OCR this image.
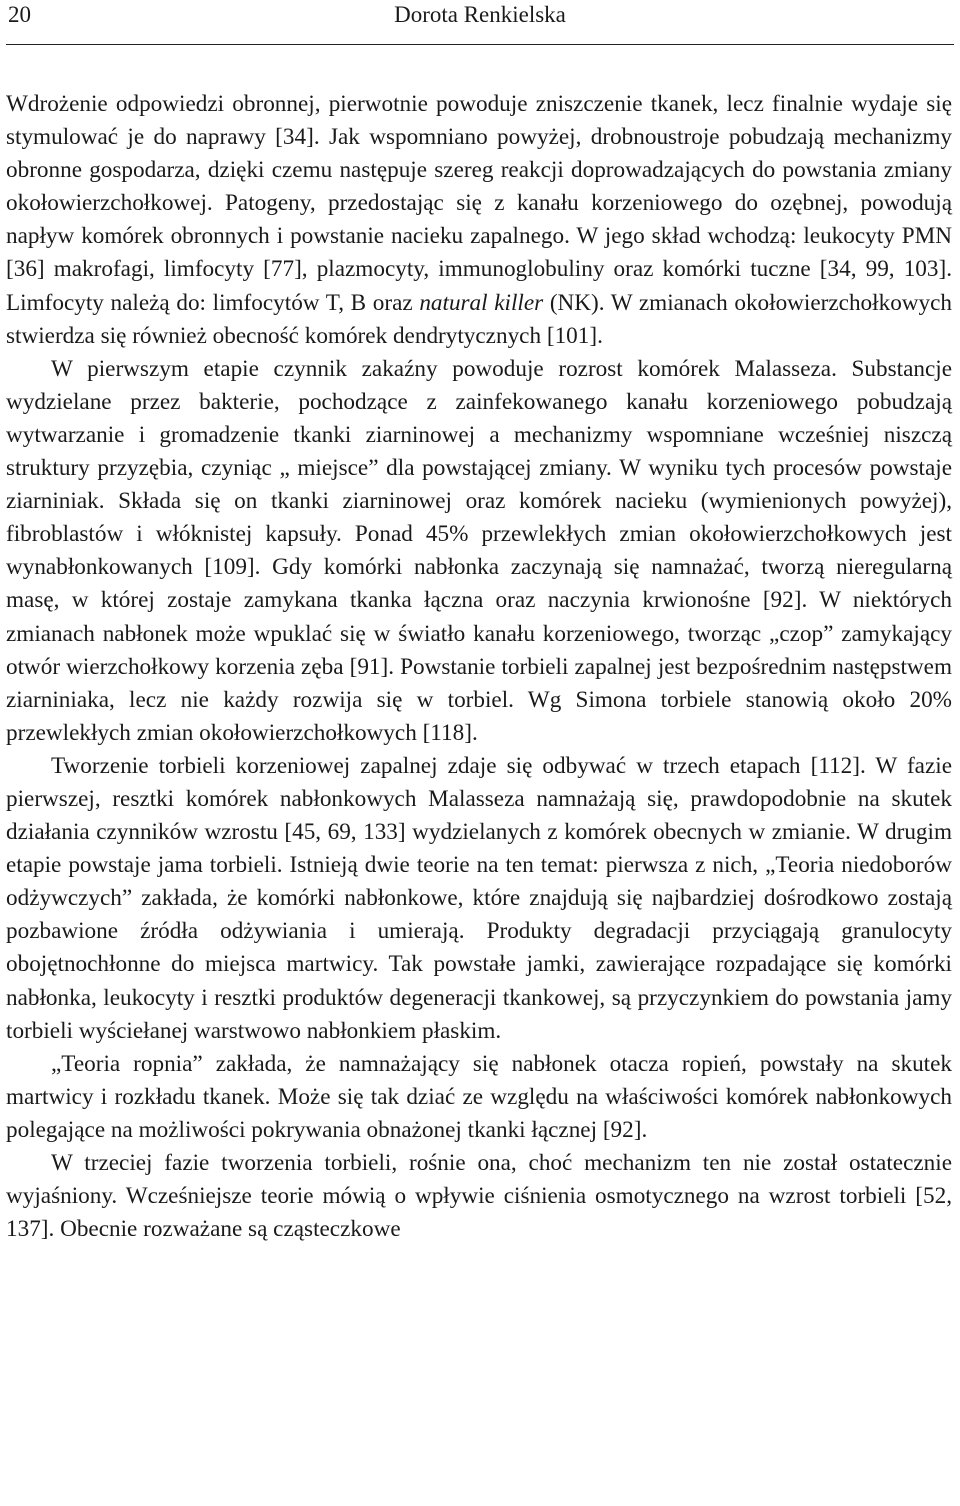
20	Dorota Renkielska

Wdrożenie odpowiedzi obronnej, pierwotnie powoduje zniszczenie tkanek, lecz finalnie wydaje się stymulować je do naprawy [34]. Jak wspomniano powyżej, drobnoustroje pobudzają mechanizmy obronne gospodarza, dzięki czemu następuje szereg reakcji doprowadzających do powstania zmiany okołowierzchołkowej. Patogeny, przedostając się z kanału korzeniowego do ozębnej, powodują napływ komórek obronnych i powstanie nacieku zapalnego. W jego skład wchodzą: leukocyty PMN [36] makrofagi, limfocyty [77], plazmocyty, immunoglobuliny oraz komórki tuczne [34, 99, 103]. Limfocyty należą do: limfocytów T, B oraz natural killer (NK). W zmianach okołowierzchołkowych stwierdza się również obecność komórek dendrytycznych [101].

W pierwszym etapie czynnik zakaźny powoduje rozrost komórek Malasseza. Substancje wydzielane przez bakterie, pochodzące z zainfekowanego kanału korzeniowego pobudzają wytwarzanie i gromadzenie tkanki ziarninowej a mechanizmy wspomniane wcześniej niszczą struktury przyzębia, czyniąc „ miejsce” dla powstającej zmiany. W wyniku tych procesów powstaje ziarniniak. Składa się on tkanki ziarninowej oraz komórek nacieku (wymienionych powyżej), fibroblastów i włóknistej kapsuły. Ponad 45% przewlekłych zmian okołowierzchołkowych jest wynabłonkowanych [109]. Gdy komórki nabłonka zaczynają się namnażać, tworzą nieregularną masę, w której zostaje zamykana tkanka łączna oraz naczynia krwionośne [92]. W niektórych zmianach nabłonek może wpuklać się w światło kanału korzeniowego, tworząc „czop” zamykający otwór wierzchołkowy korzenia zęba [91]. Powstanie torbieli zapalnej jest bezpośrednim następstwem ziarniniaka, lecz nie każdy rozwija się w torbiel. Wg Simona torbiele stanowią około 20% przewlekłych zmian okołowierzchołkowych [118].

Tworzenie torbieli korzeniowej zapalnej zdaje się odbywać w trzech etapach [112]. W fazie pierwszej, resztki komórek nabłonkowych Malasseza namnażają się, prawdopodobnie na skutek działania czynników wzrostu [45, 69, 133] wydzielanych z komórek obecnych w zmianie. W drugim etapie powstaje jama torbieli. Istnieją dwie teorie na ten temat: pierwsza z nich, „Teoria niedoborów odżywczych” zakłada, że komórki nabłonkowe, które znajdują się najbardziej dośrodkowo zostają pozbawione źródła odżywiania i umierają. Produkty degradacji przyciągają granulocyty obojętnochłonne do miejsca martwicy. Tak powstałe jamki, zawierające rozpadające się komórki nabłonka, leukocyty i resztki produktów degeneracji tkankowej, są przyczynkiem do powstania jamy torbieli wyściełanej warstwowo nabłonkiem płaskim.

„Teoria ropnia” zakłada, że namnażający się nabłonek otacza ropień, powstały na skutek martwicy i rozkładu tkanek. Może się tak dziać ze względu na właściwości komórek nabłonkowych polegające na możliwości pokrywania obnażonej tkanki łącznej [92].

W trzeciej fazie tworzenia torbieli, rośnie ona, choć mechanizm ten nie został ostatecznie wyjaśniony. Wcześniejsze teorie mówią o wpływie ciśnienia osmotycznego na wzrost torbieli [52, 137]. Obecnie rozważane są cząsteczkowe
